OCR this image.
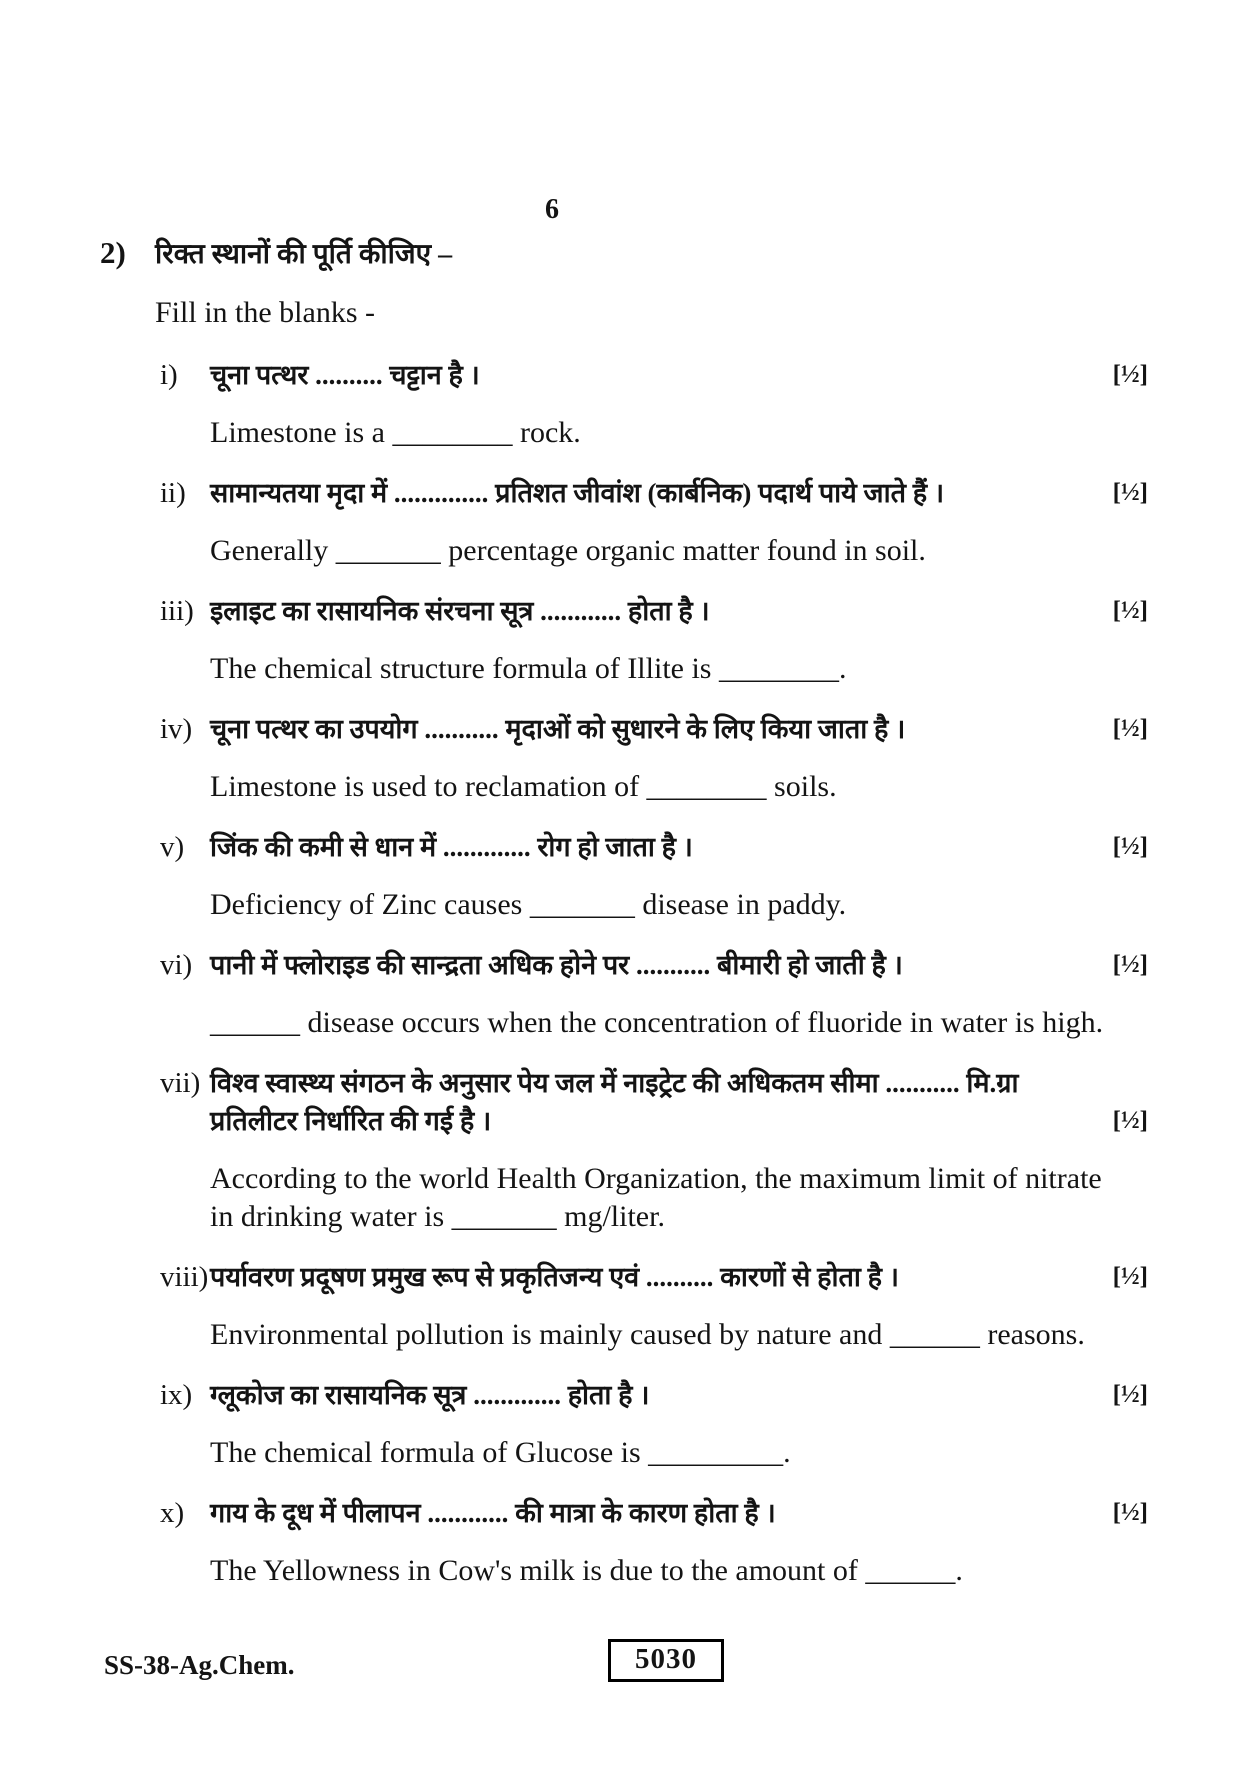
6
2)	रिक्त स्थानों की पूर्ति कीजिए –
Fill in the blanks -
i)	चूना पत्थर .......... चट्टान है ।	[½]
Limestone is a ________ rock.
ii) सामान्यतया मृदा में .............. प्रतिशत जीवांश (कार्बनिक) पदार्थ पाये जाते हैं ।	[½]
Generally _______ percentage organic matter found in soil.
iii) इलाइट का रासायनिक संरचना सूत्र ............ होता है ।	[½]
The chemical structure formula of Illite is ________.
iv) चूना पत्थर का उपयोग ........... मृदाओं को सुधारने के लिए किया जाता है ।	[½]
Limestone is used to reclamation of ________ soils.
v) जिंक की कमी से धान में ............. रोग हो जाता है ।	[½]
Deficiency of Zinc causes _______ disease in paddy.
vi) पानी में फ्लोराइड की सान्द्रता अधिक होने पर ........... बीमारी हो जाती है ।	[½]
______ disease occurs when the concentration of fluoride in water is high.
vii) विश्व स्वास्थ्य संगठन के अनुसार पेय जल में नाइट्रेट की अधिकतम सीमा ........... मि.ग्रा प्रतिलीटर निर्धारित की गई है ।	[½]
According to the world Health Organization, the maximum limit of nitrate in drinking water is _______ mg/liter.
viii) पर्यावरण प्रदूषण प्रमुख रूप से प्रकृतिजन्य एवं .......... कारणों से होता है ।	[½]
Environmental pollution is mainly caused by nature and ______ reasons.
ix) ग्लूकोज का रासायनिक सूत्र ............. होता है ।	[½]
The chemical formula of Glucose is _________.
x) गाय के दूध में पीलापन ............ की मात्रा के कारण होता है ।	[½]
The Yellowness in Cow's milk is due to the amount of ______.
SS-38-Ag.Chem.	5030
